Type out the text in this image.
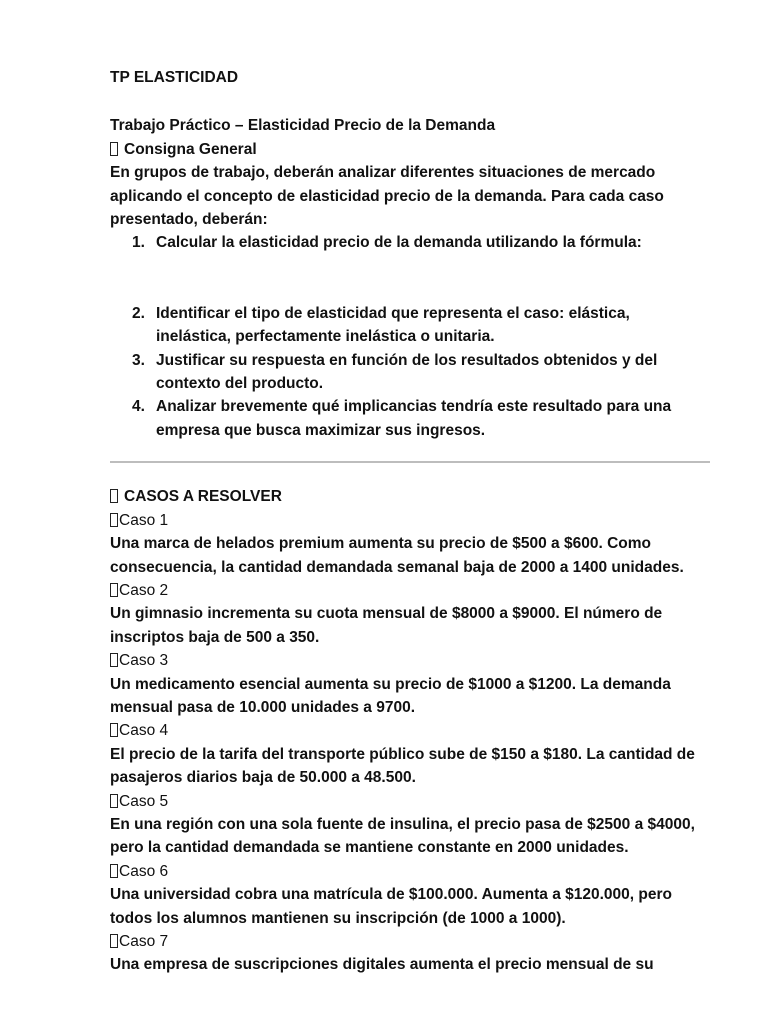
TP ELASTICIDAD
Trabajo Práctico – Elasticidad Precio de la Demanda
Consigna General
En grupos de trabajo, deberán analizar diferentes situaciones de mercado
aplicando el concepto de elasticidad precio de la demanda. Para cada caso
presentado, deberán:
1. Calcular la elasticidad precio de la demanda utilizando la fórmula:
2. Identificar el tipo de elasticidad que representa el caso: elástica,
inelástica, perfectamente inelástica o unitaria.
3. Justificar su respuesta en función de los resultados obtenidos y del
contexto del producto.
4. Analizar brevemente qué implicancias tendría este resultado para una
empresa que busca maximizar sus ingresos.
CASOS A RESOLVER
Caso 1
Una marca de helados premium aumenta su precio de $500 a $600. Como
consecuencia, la cantidad demandada semanal baja de 2000 a 1400 unidades.
Caso 2
Un gimnasio incrementa su cuota mensual de $8000 a $9000. El número de
inscriptos baja de 500 a 350.
Caso 3
Un medicamento esencial aumenta su precio de $1000 a $1200. La demanda
mensual pasa de 10.000 unidades a 9700.
Caso 4
El precio de la tarifa del transporte público sube de $150 a $180. La cantidad de
pasajeros diarios baja de 50.000 a 48.500.
Caso 5
En una región con una sola fuente de insulina, el precio pasa de $2500 a $4000,
pero la cantidad demandada se mantiene constante en 2000 unidades.
Caso 6
Una universidad cobra una matrícula de $100.000. Aumenta a $120.000, pero
todos los alumnos mantienen su inscripción (de 1000 a 1000).
Caso 7
Una empresa de suscripciones digitales aumenta el precio mensual de su
